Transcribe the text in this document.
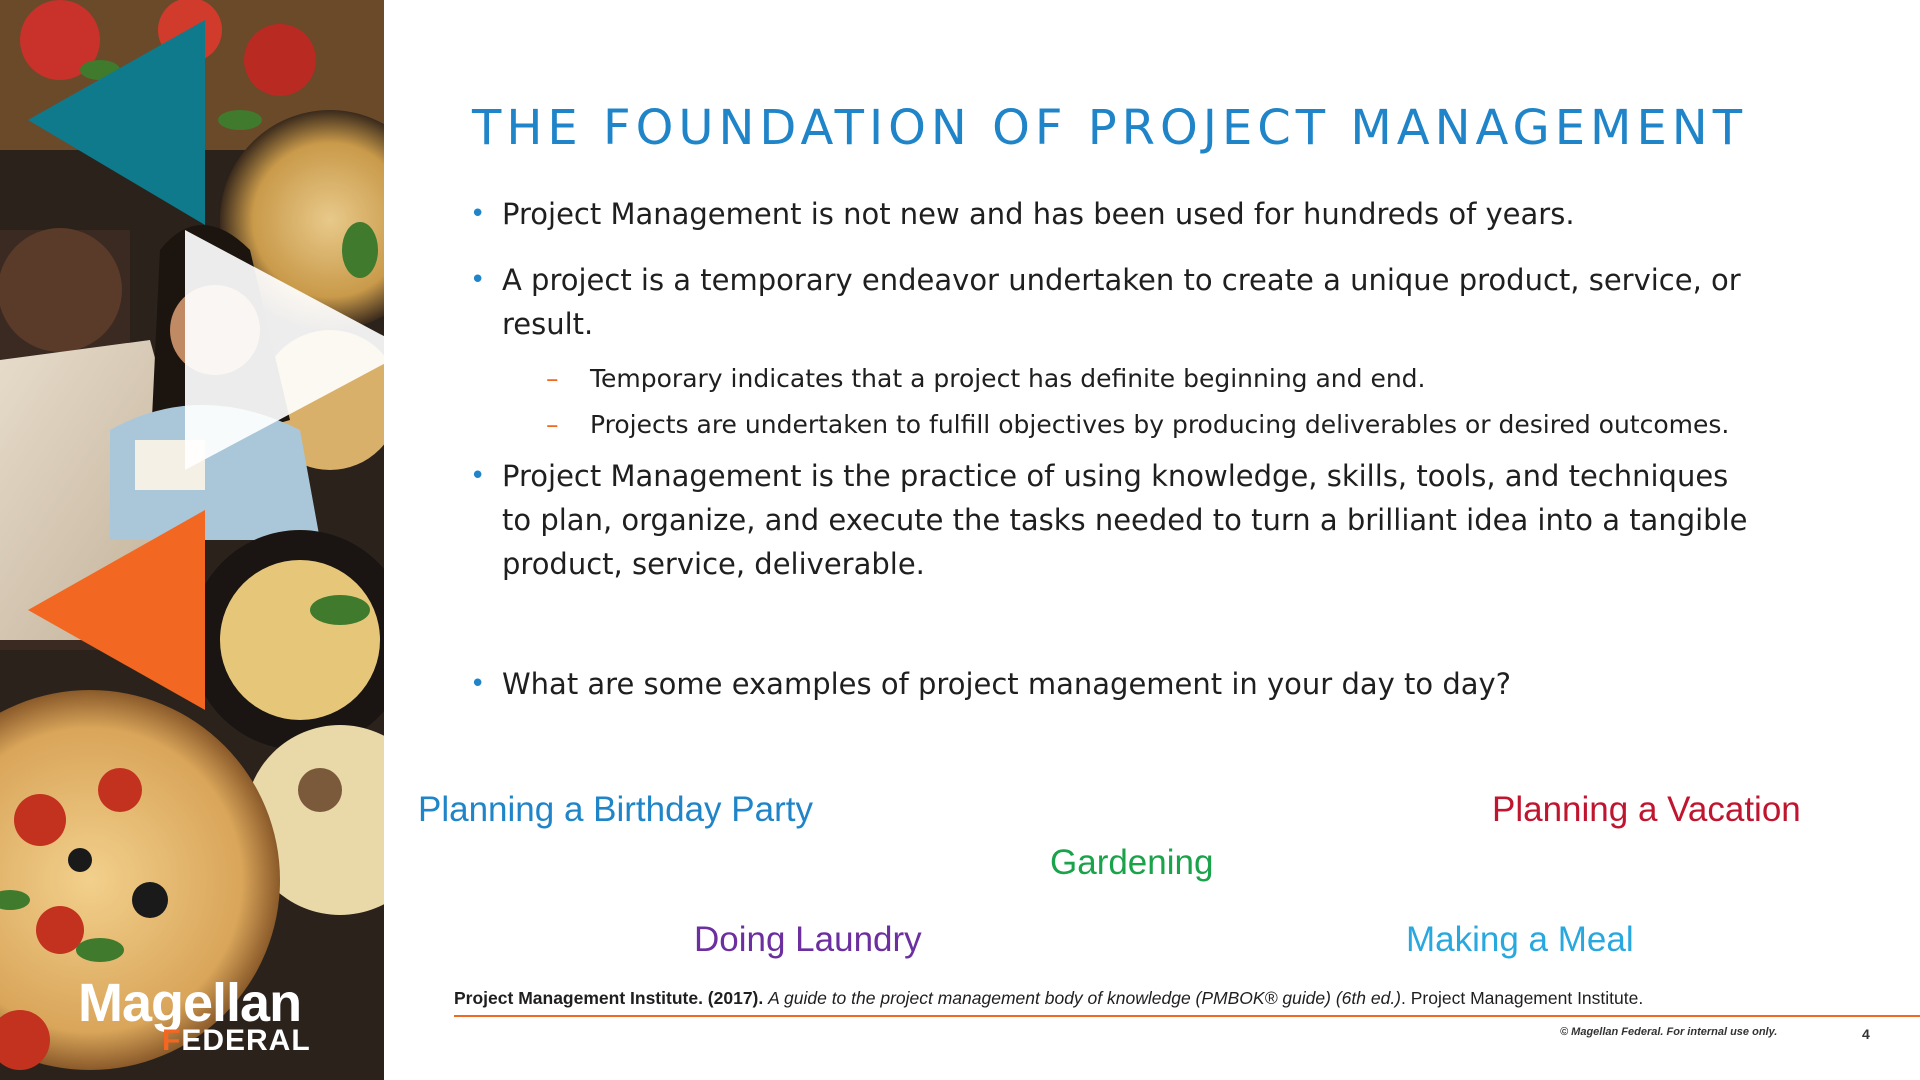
Magellan
FEDERAL
THE FOUNDATION OF PROJECT MANAGEMENT
• Project Management is not new and has been used for hundreds of years.
• A project is a temporary endeavor undertaken to create a unique product, service, or result.
– Temporary indicates that a project has definite beginning and end.
– Projects are undertaken to fulfill objectives by producing deliverables or desired outcomes.
• Project Management is the practice of using knowledge, skills, tools, and techniques to plan, organize, and execute the tasks needed to turn a brilliant idea into a tangible product, service, deliverable.
• What are some examples of project management in your day to day?
Planning a Birthday Party	Planning a Vacation
Gardening
Doing Laundry	Making a Meal
Project Management Institute. (2017). A guide to the project management body of knowledge (PMBOK® guide) (6th ed.). Project Management Institute.
© Magellan Federal. For internal use only.	4
